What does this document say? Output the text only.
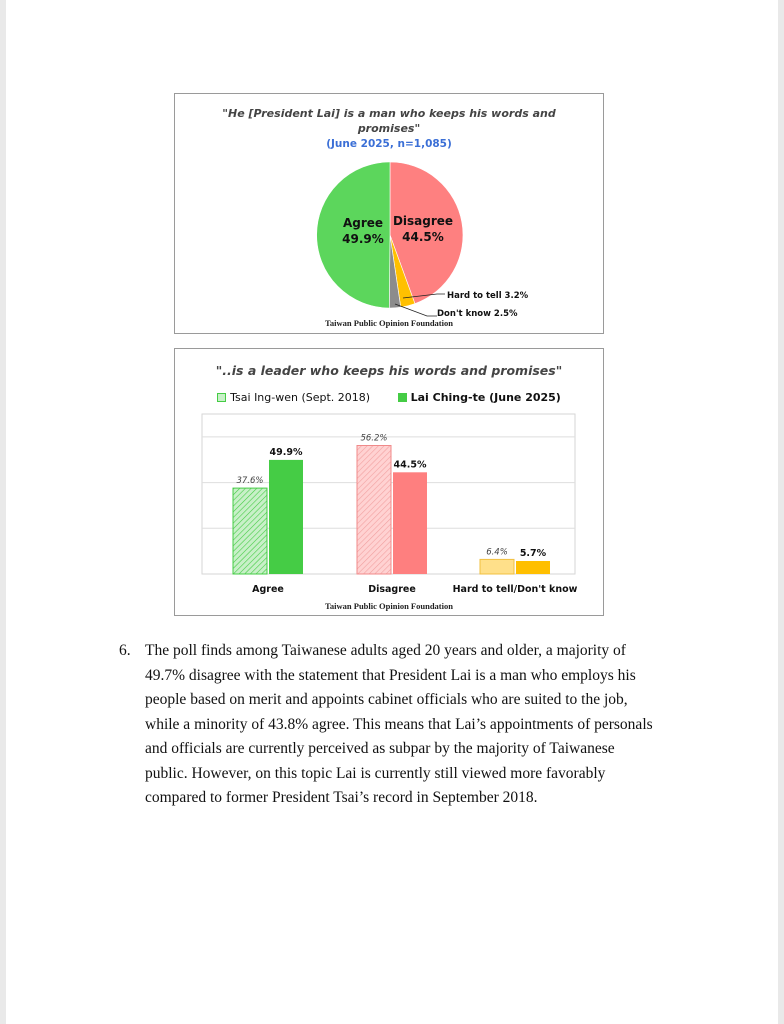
"He [President Lai] is a man who keeps his words and
promises"
(June 2025, n=1,085)
Agree
49.9%
Disagree
44.5%
Hard to tell 3.2%
Don't know 2.5%
Taiwan Public Opinion Foundation
"..is a leader who keeps his words and promises"
Tsai Ing-wen (Sept. 2018)
	Lai Ching-te (June 2025)
37.6%
49.9%
56.2%
44.5%
6.4% 5.7%
Agree	Disagree	Hard to tell/Don't know
Taiwan Public Opinion Foundation
6. The poll finds among Taiwanese adults aged 20 years and older, a majority of
49.7% disagree with the statement that President Lai is a man who employs his
people based on merit and appoints cabinet officials who are suited to the job,
while a minority of 43.8% agree. This means that Lai’s appointments of personals
and officials are currently perceived as subpar by the majority of Taiwanese
public. However, on this topic Lai is currently still viewed more favorably
compared to former President Tsai’s record in September 2018.
